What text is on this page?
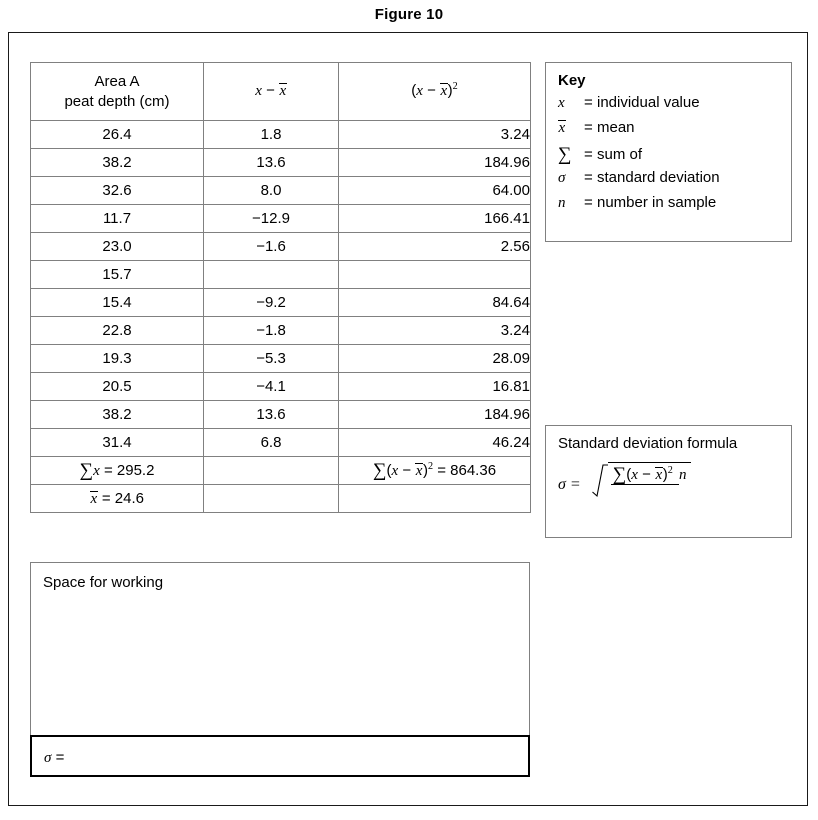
Figure 10
Area A
peat depth (cm)	x − x	$(x - x)^2$
26.4	1.8	3.24
38.2	13.6	184.96
32.6	8.0	64.00
11.7	−12.9	166.41
23.0	−1.6	2.56
15.7		
15.4	−9.2	84.64
22.8	−1.8	3.24
19.3	−5.3	28.09
20.5	−4.1	16.81
38.2	13.6	184.96
31.4	6.8	46.24
∑x = 295.2		$\sum(x - x)^2 = 864.36$
x = 24.6		
Key
x	= individual value
x	= mean
∑ = sum of
σ	= standard deviation
n	= number in sample
Standard deviation formula
$\sigma = \sum(x - x)^2$ n
Space for working
σ =
